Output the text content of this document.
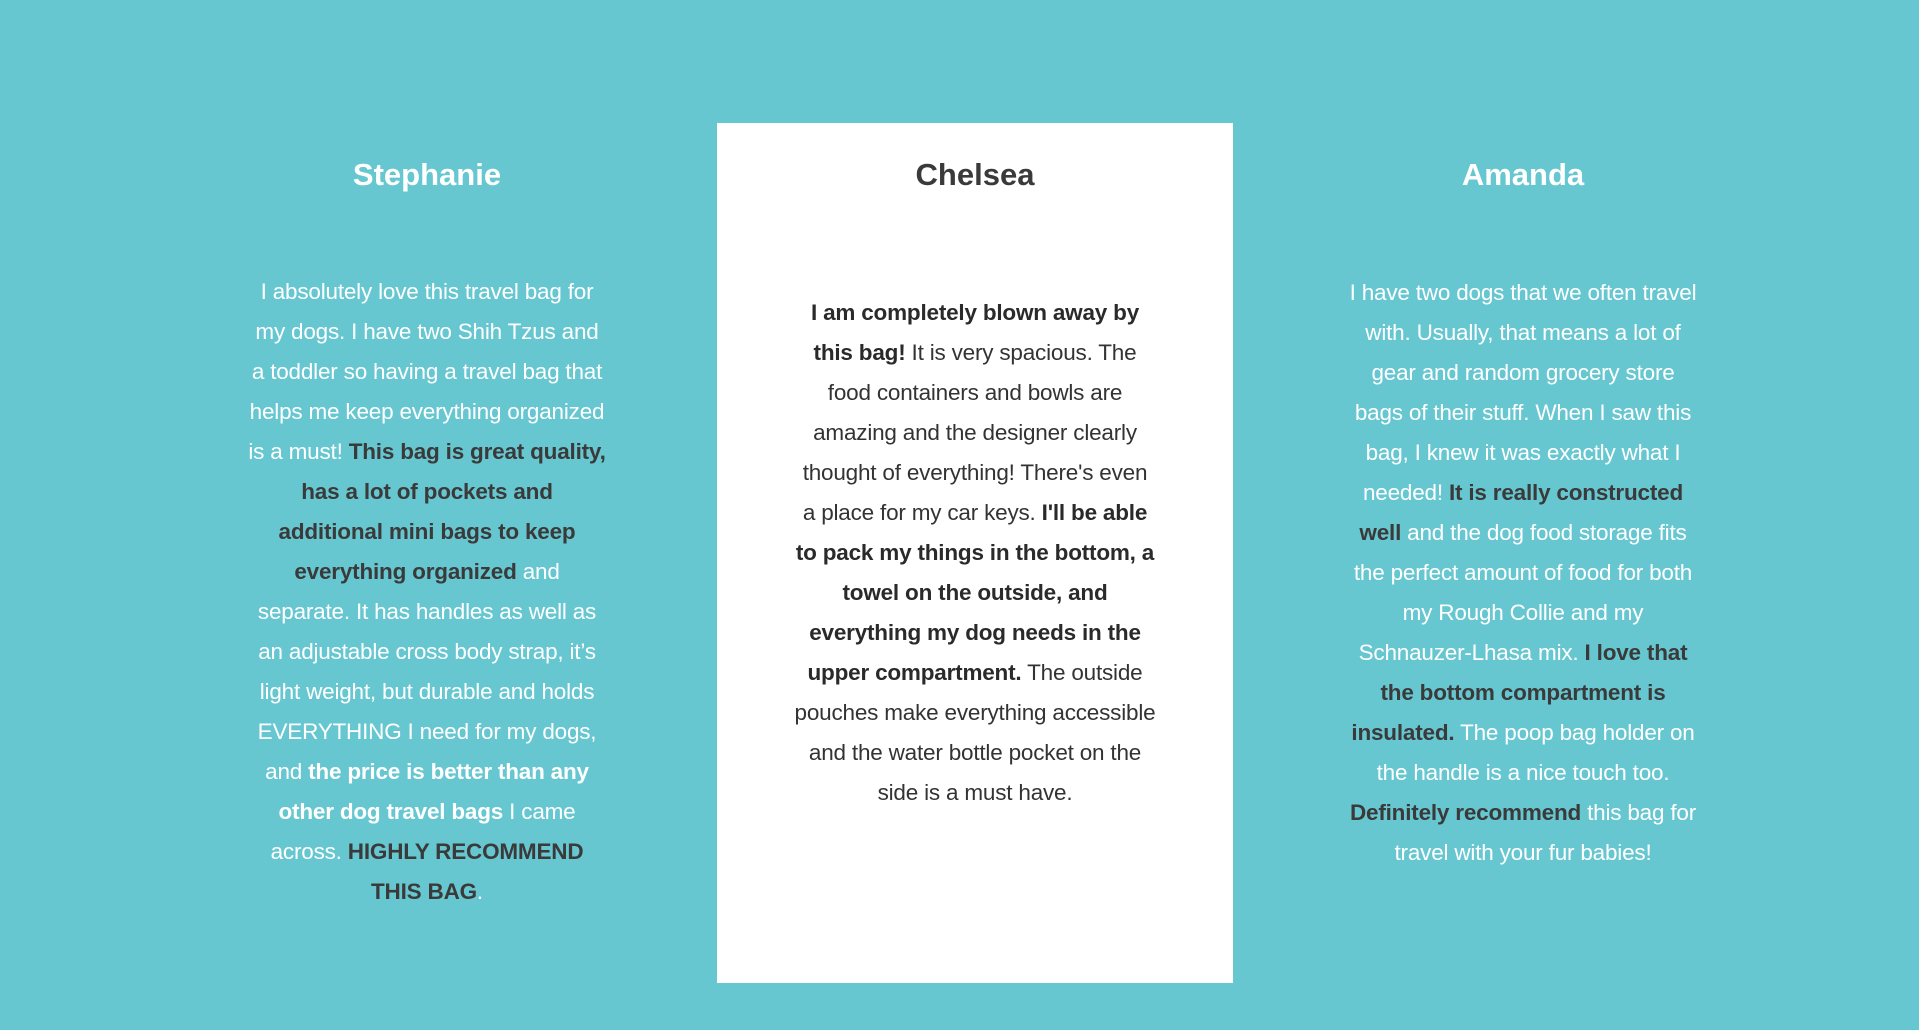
Stephanie

I absolutely love this travel bag for my dogs. I have two Shih Tzus and a toddler so having a travel bag that helps me keep everything organized is a must! This bag is great quality, has a lot of pockets and additional mini bags to keep everything organized and separate. It has handles as well as an adjustable cross body strap, it’s light weight, but durable and holds EVERYTHING I need for my dogs, and the price is better than any other dog travel bags I came across. HIGHLY RECOMMEND THIS BAG.

Chelsea

I am completely blown away by this bag! It is very spacious. The food containers and bowls are amazing and the designer clearly thought of everything! There's even a place for my car keys. I'll be able to pack my things in the bottom, a towel on the outside, and everything my dog needs in the upper compartment. The outside pouches make everything accessible and the water bottle pocket on the side is a must have.

Amanda

I have two dogs that we often travel with. Usually, that means a lot of gear and random grocery store bags of their stuff. When I saw this bag, I knew it was exactly what I needed! It is really constructed well and the dog food storage fits the perfect amount of food for both my Rough Collie and my Schnauzer-Lhasa mix. I love that the bottom compartment is insulated. The poop bag holder on the handle is a nice touch too. Definitely recommend this bag for travel with your fur babies!
